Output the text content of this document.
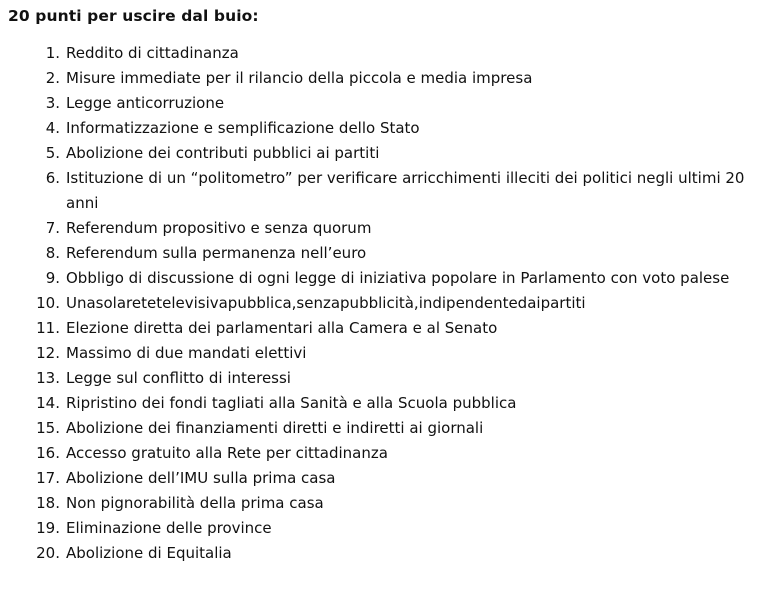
20 punti per uscire dal buio:
1. Reddito di cittadinanza
2. Misure immediate per il rilancio della piccola e media impresa
3. Legge anticorruzione
4. Informatizzazione e semplificazione dello Stato
5. Abolizione dei contributi pubblici ai partiti
6. Istituzione di un “politometro” per verificare arricchimenti illeciti dei politici negli ultimi 20 anni
7. Referendum propositivo e senza quorum
8. Referendum sulla permanenza nell’euro
9. Obbligo di discussione di ogni legge di iniziativa popolare in Parlamento con voto palese
10. Unasolaretetelevisivapubblica,senzapubblicità,indipendentedaipartiti
11. Elezione diretta dei parlamentari alla Camera e al Senato
12. Massimo di due mandati elettivi
13. Legge sul conflitto di interessi
14. Ripristino dei fondi tagliati alla Sanità e alla Scuola pubblica
15. Abolizione dei finanziamenti diretti e indiretti ai giornali
16. Accesso gratuito alla Rete per cittadinanza
17. Abolizione dell’IMU sulla prima casa
18. Non pignorabilità della prima casa
19. Eliminazione delle province
20. Abolizione di Equitalia
